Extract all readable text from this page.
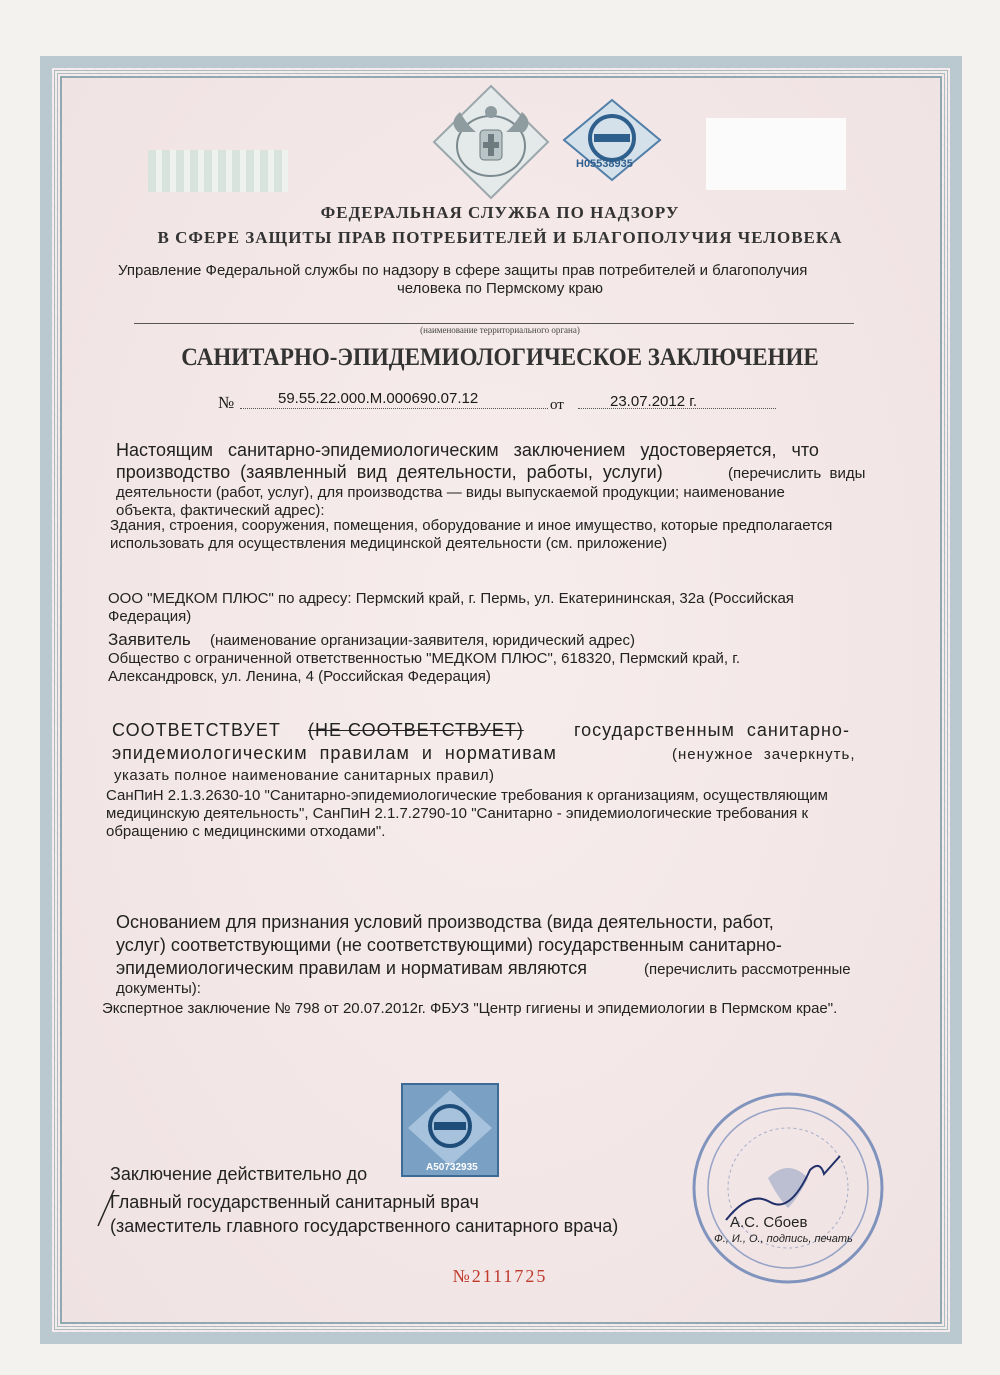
Н05538935
ФЕДЕРАЛЬНАЯ СЛУЖБА ПО НАДЗОРУ
В СФЕРЕ ЗАЩИТЫ ПРАВ ПОТРЕБИТЕЛЕЙ И БЛАГОПОЛУЧИЯ ЧЕЛОВЕКА
Управление Федеральной службы по надзору в сфере защиты прав потребителей и благополучия
человека по Пермскому краю
(наименование территориального органа)
САНИТАРНО-ЭПИДЕМИОЛОГИЧЕСКОЕ ЗАКЛЮЧЕНИЕ
№	59.55.22.000.М.000690.07.12	от	23.07.2012 г.
Настоящим   санитарно-эпидемиологическим   заключением   удостоверяется,   что
производство  (заявленный  вид  деятельности,  работы,  услуги)	(перечислить  виды
деятельности (работ, услуг), для производства — виды выпускаемой продукции; наименование
объекта, фактический адрес):
Здания, строения, сооружения, помещения, оборудование и иное имущество, которые предполагается
использовать для осуществления медицинской деятельности (см. приложение)
ООО "МЕДКОМ ПЛЮС" по адресу: Пермский край, г. Пермь, ул. Екатерининская, 32а (Российская
Федерация)
Заявитель (наименование организации-заявителя, юридический адрес)
Общество с ограниченной ответственностью "МЕДКОМ ПЛЮС", 618320, Пермский край, г.
Александровск, ул. Ленина, 4 (Российская Федерация)
СООТВЕТСТВУЕТ (НЕ СООТВЕТСТВУЕТ)	государственным  санитарно-
эпидемиологическим  правилам  и  нормативам	(ненужное  зачеркнуть,
указать полное наименование санитарных правил)
СанПиН 2.1.3.2630-10 "Санитарно-эпидемиологические требования к организациям, осуществляющим
медицинскую деятельность", СанПиН 2.1.7.2790-10 "Санитарно - эпидемиологические требования к
обращению с медицинскими отходами".
Основанием для признания условий производства (вида деятельности, работ,
услуг) соответствующими (не соответствующими) государственным санитарно-
эпидемиологическим правилам и нормативам являются	(перечислить рассмотренные
документы):
Экспертное заключение № 798 от 20.07.2012г. ФБУЗ "Центр гигиены и эпидемиологии в Пермском крае".
А50732935
Заключение действительно до
Главный государственный санитарный врач
(заместитель главного государственного санитарного врача)	А.С. Сбоев
Ф., И., О., подпись, печать
№2111725
